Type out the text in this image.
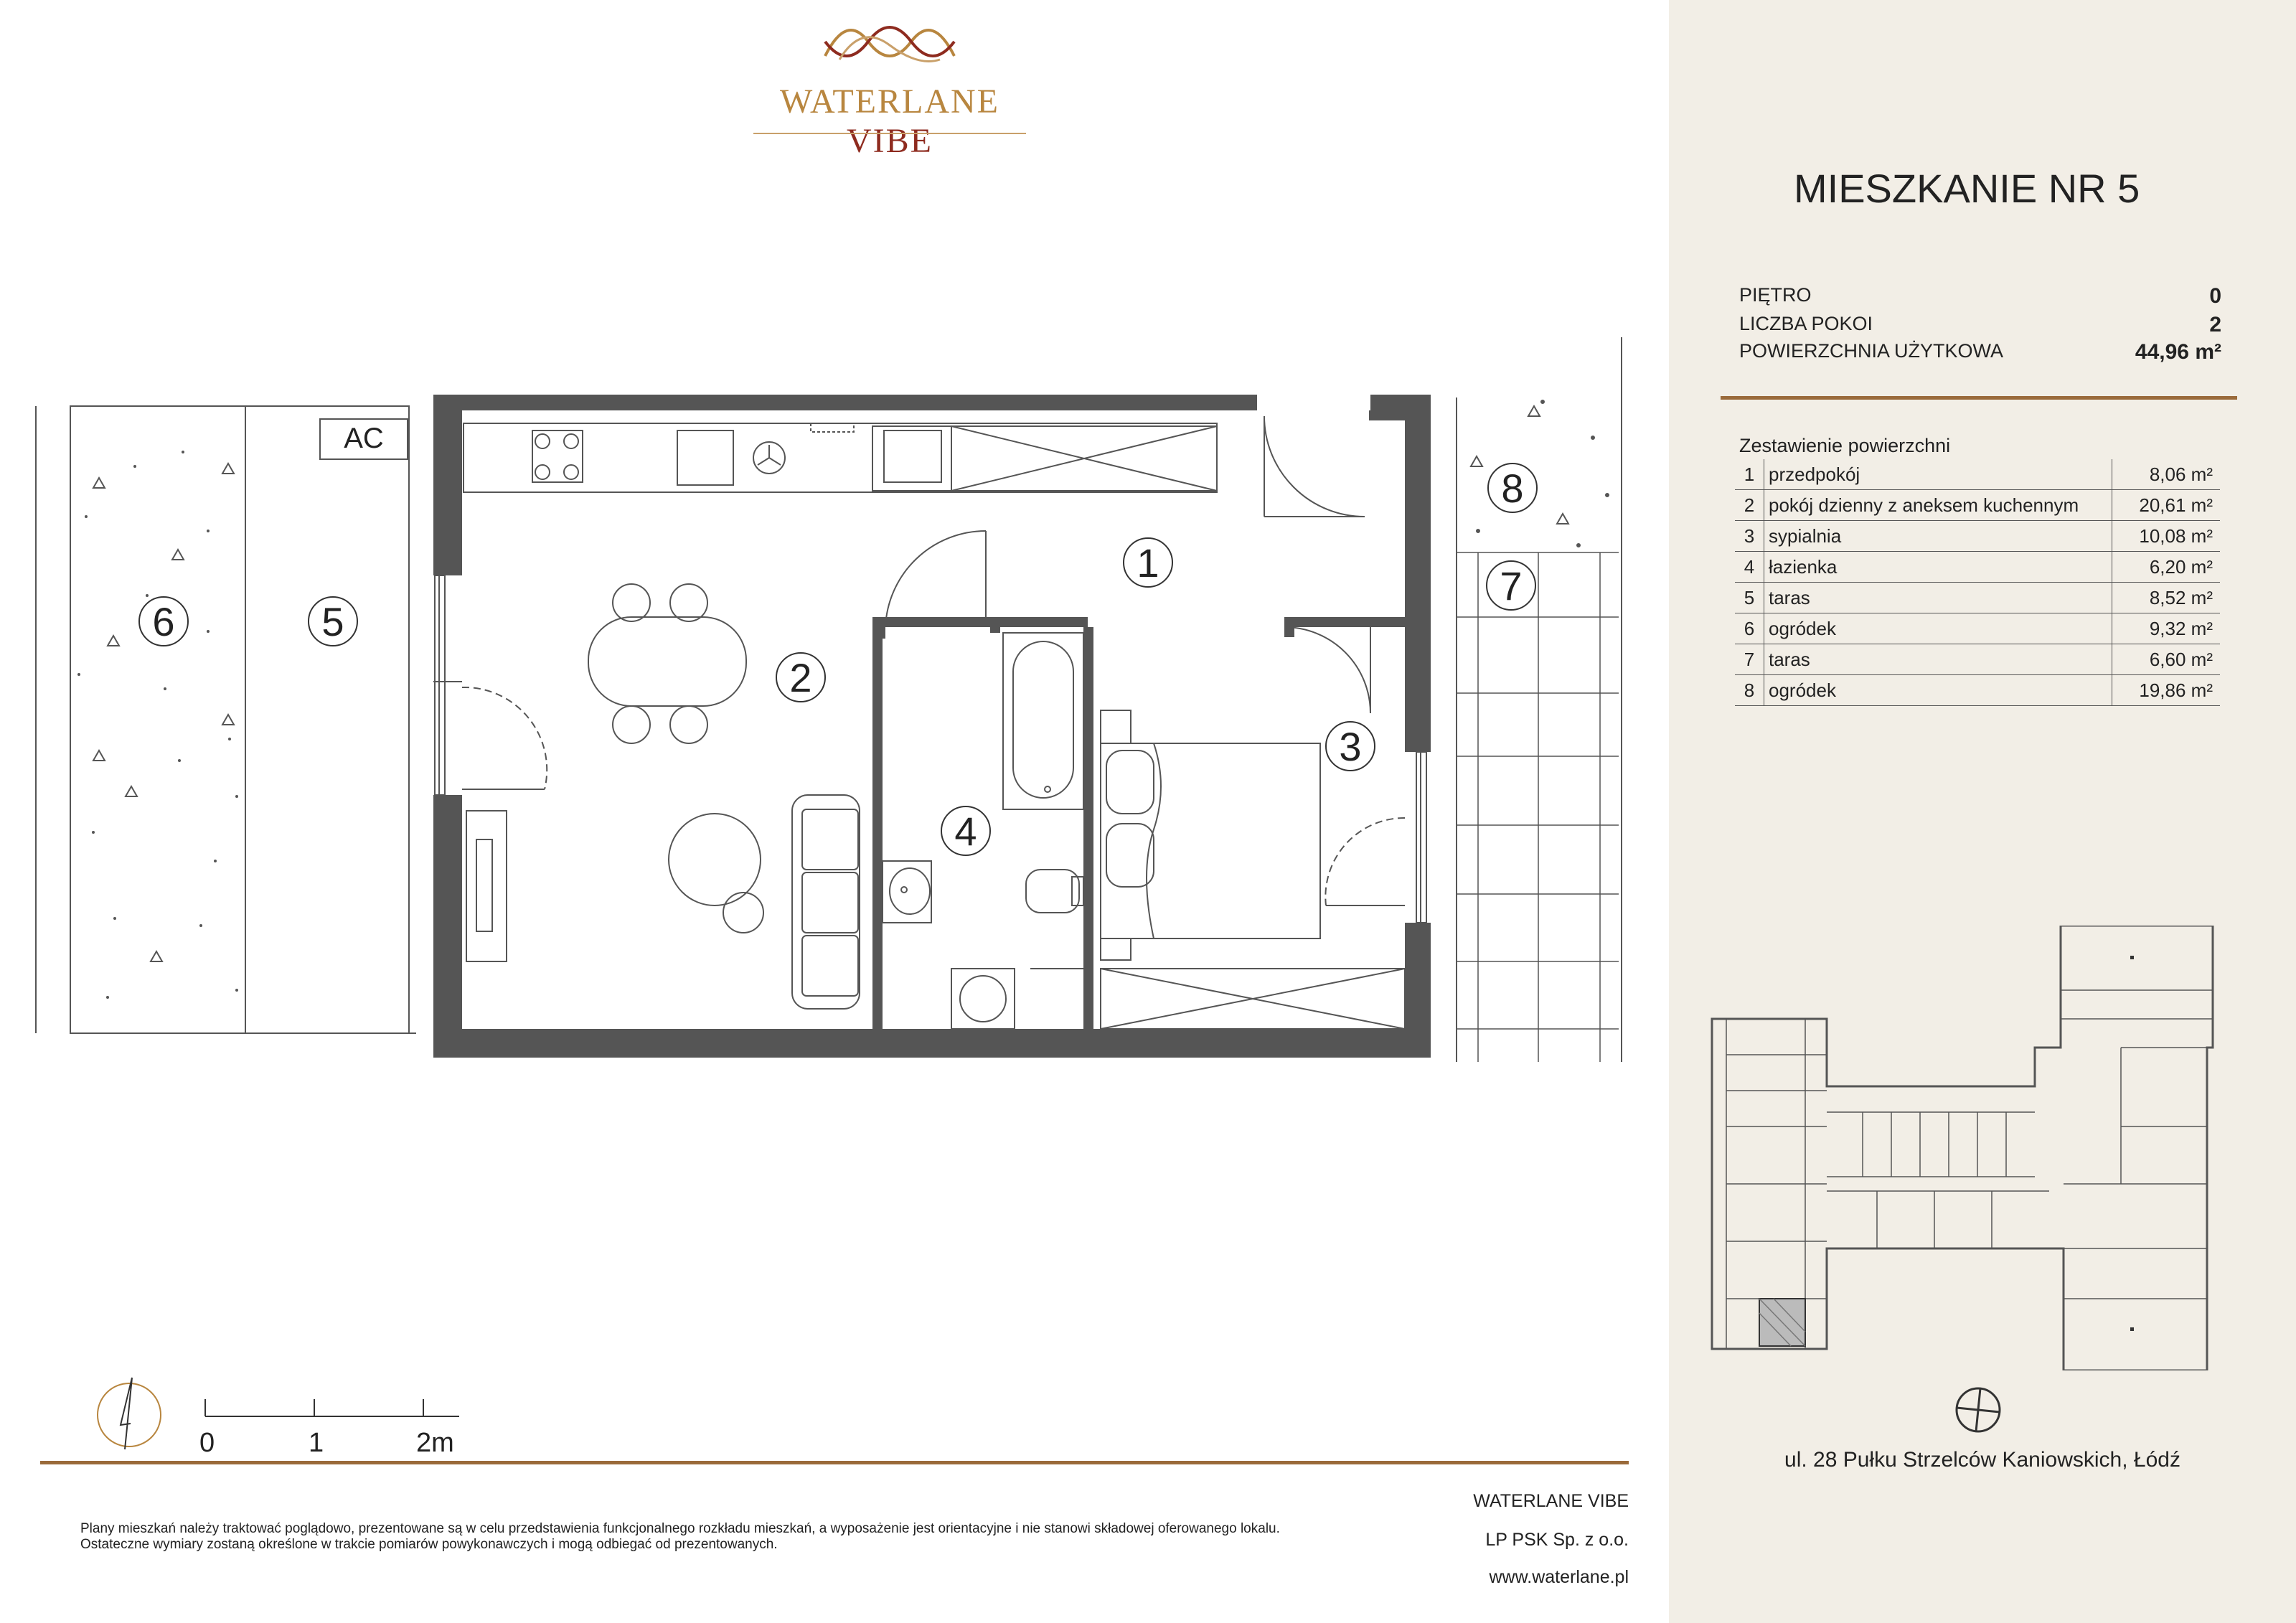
WATERLANE VIBE
MIESZKANIE NR 5
PIĘTRO	0
LICZBA POKOI	2
POWIERZCHNIA UŻYTKOWA	44,96 m²
Zestawienie powierzchni
1	przedpokój	8,06 m²
2	pokój dzienny z aneksem kuchennym	20,61 m²
3	sypialnia	10,08 m²
4	łazienka	6,20 m²
5	taras	8,52 m²
6	ogródek	9,32 m²
7	taras	6,60 m²
8	ogródek	19,86 m²
AC
1
2
3
4
5
6
7
8
0	1	2m
Plany mieszkań należy traktować poglądowo, prezentowane są w celu przedstawienia funkcjonalnego rozkładu mieszkań, a wyposażenie jest orientacyjne i nie stanowi składowej oferowanego lokalu.
Ostateczne wymiary zostaną określone w trakcie pomiarów powykonawczych i mogą odbiegać od prezentowanych.
WATERLANE VIBE
LP PSK Sp. z o.o.
www.waterlane.pl
ul. 28 Pułku Strzelców Kaniowskich, Łódź
